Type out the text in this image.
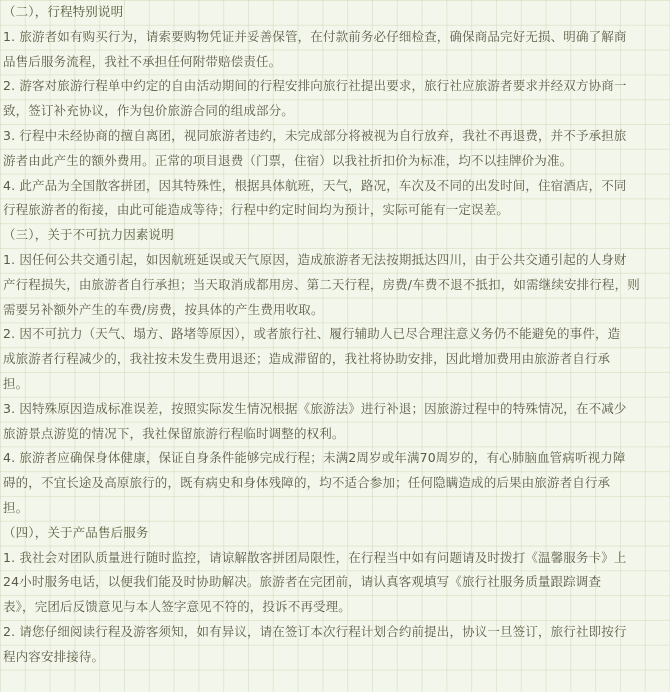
（二），行程特别说明
1. 旅游者如有购买行为，请索要购物凭证并妥善保管，在付款前务必仔细检查，确保商品完好无损、明确了解商
品售后服务流程，我社不承担任何附带赔偿责任。
2. 游客对旅游行程单中约定的自由活动期间的行程安排向旅行社提出要求，旅行社应旅游者要求并经双方协商一
致，签订补充协议，作为包价旅游合同的组成部分。
3. 行程中未经协商的擅自离团，视同旅游者违约，未完成部分将被视为自行放弃，我社不再退费，并不予承担旅
游者由此产生的额外费用。正常的项目退费（门票，住宿）以我社折扣价为标准，均不以挂牌价为准。
4. 此产品为全国散客拼团，因其特殊性，根据具体航班，天气，路况，车次及不同的出发时间，住宿酒店，不同
行程旅游者的衔接，由此可能造成等待；行程中约定时间均为预计，实际可能有一定误差。
（三），关于不可抗力因素说明
1. 因任何公共交通引起，如因航班延误或天气原因，造成旅游者无法按期抵达四川，由于公共交通引起的人身财
产行程损失，由旅游者自行承担；当天取消成都用房、第二天行程，房费/车费不退不抵扣，如需继续安排行程，则
需要另补额外产生的车费/房费，按具体的产生费用收取。
2. 因不可抗力（天气、塌方、路堵等原因），或者旅行社、履行辅助人已尽合理注意义务仍不能避免的事件，造
成旅游者行程减少的，我社按未发生费用退还；造成滞留的，我社将协助安排，因此增加费用由旅游者自行承
担。
3. 因特殊原因造成标准误差，按照实际发生情况根据《旅游法》进行补退；因旅游过程中的特殊情况，在不减少
旅游景点游览的情况下，我社保留旅游行程临时调整的权利。
4. 旅游者应确保身体健康，保证自身条件能够完成行程；未满2周岁或年满70周岁的，有心肺脑血管病听视力障
碍的，不宜长途及高原旅行的，既有病史和身体残障的，均不适合参加；任何隐瞒造成的后果由旅游者自行承
担。
（四），关于产品售后服务
1. 我社会对团队质量进行随时监控，请谅解散客拼团局限性，在行程当中如有问题请及时拨打《温馨服务卡》上
24小时服务电话，以便我们能及时协助解决。旅游者在完团前，请认真客观填写《旅行社服务质量跟踪调查
表》，完团后反馈意见与本人签字意见不符的，投诉不再受理。
2. 请您仔细阅读行程及游客须知，如有异议，请在签订本次行程计划合约前提出，协议一旦签订，旅行社即按行
程内容安排接待。
